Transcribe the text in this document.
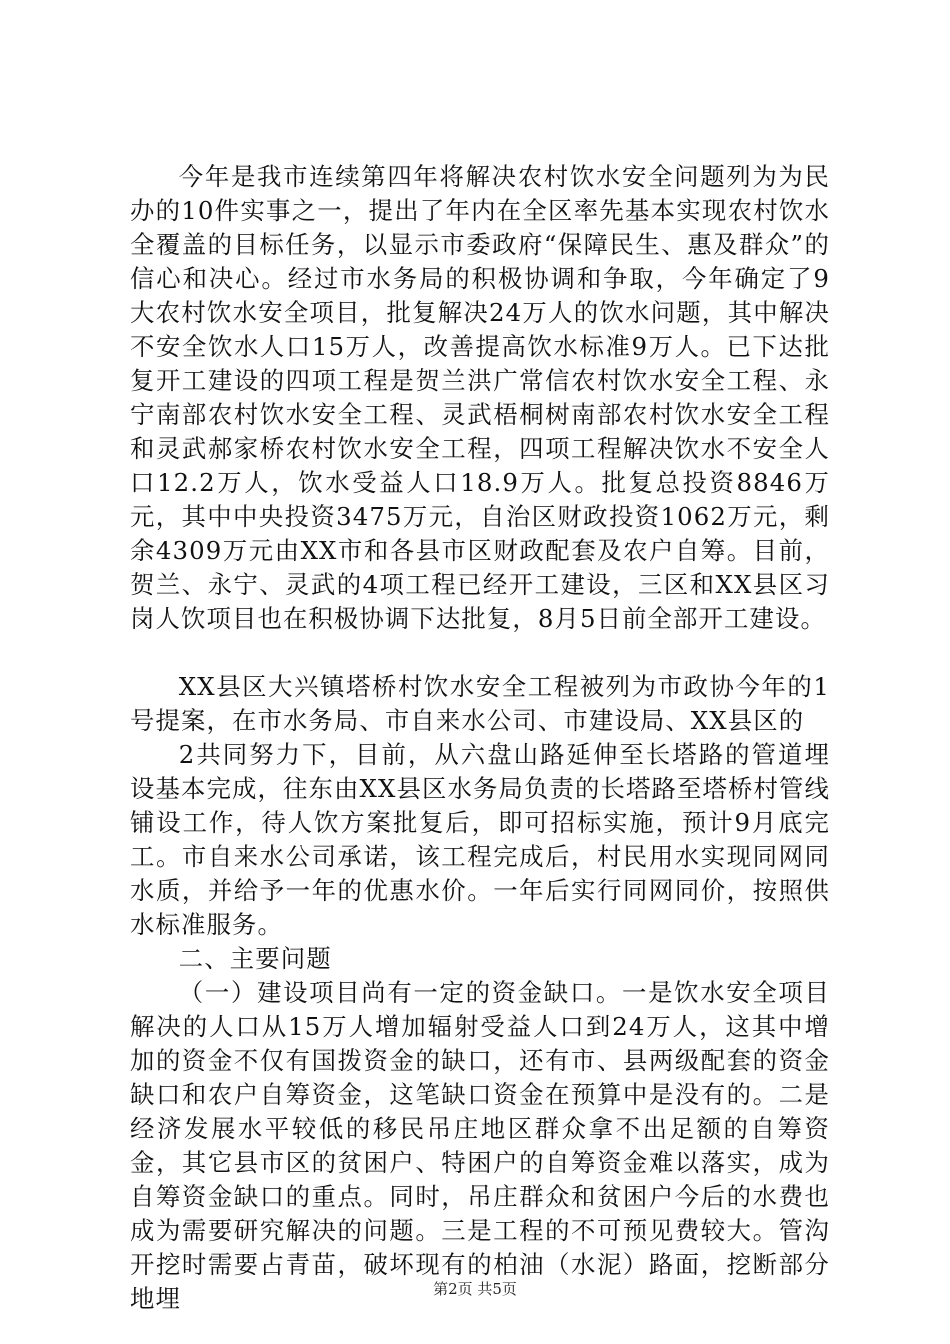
今年是我市连续第四年将解决农村饮水安全问题列为为民办的10件实事之一，提出了年内在全区率先基本实现农村饮水全覆盖的目标任务，以显示市委政府“保障民生、惠及群众”的信心和决心。经过市水务局的积极协调和争取，今年确定了9大农村饮水安全项目，批复解决24万人的饮水问题，其中解决不安全饮水人口15万人，改善提高饮水标准9万人。已下达批复开工建设的四项工程是贺兰洪广常信农村饮水安全工程、永宁南部农村饮水安全工程、灵武梧桐树南部农村饮水安全工程和灵武郝家桥农村饮水安全工程，四项工程解决饮水不安全人口12.2万人，饮水受益人口18.9万人。批复总投资8846万元，其中中央投资3475万元，自治区财政投资1062万元，剩余4309万元由XX市和各县市区财政配套及农户自筹。目前，贺兰、永宁、灵武的4项工程已经开工建设，三区和XX县区习岗人饮项目也在积极协调下达批复，8月5日前全部开工建设。

XX县区大兴镇塔桥村饮水安全工程被列为市政协今年的1号提案，在市水务局、市自来水公司、市建设局、XX县区的

2共同努力下，目前，从六盘山路延伸至长塔路的管道埋设基本完成，往东由XX县区水务局负责的长塔路至塔桥村管线铺设工作，待人饮方案批复后，即可招标实施，预计9月底完工。市自来水公司承诺，该工程完成后，村民用水实现同网同水质，并给予一年的优惠水价。一年后实行同网同价，按照供水标准服务。

二、主要问题

（一）建设项目尚有一定的资金缺口。一是饮水安全项目解决的人口从15万人增加辐射受益人口到24万人，这其中增加的资金不仅有国拨资金的缺口，还有市、县两级配套的资金缺口和农户自筹资金，这笔缺口资金在预算中是没有的。二是经济发展水平较低的移民吊庄地区群众拿不出足额的自筹资金，其它县市区的贫困户、特困户的自筹资金难以落实，成为自筹资金缺口的重点。同时，吊庄群众和贫困户今后的水费也成为需要研究解决的问题。三是工程的不可预见费较大。管沟开挖时需要占青苗，破坏现有的柏油（水泥）路面，挖断部分地埋	第2页 共5页
